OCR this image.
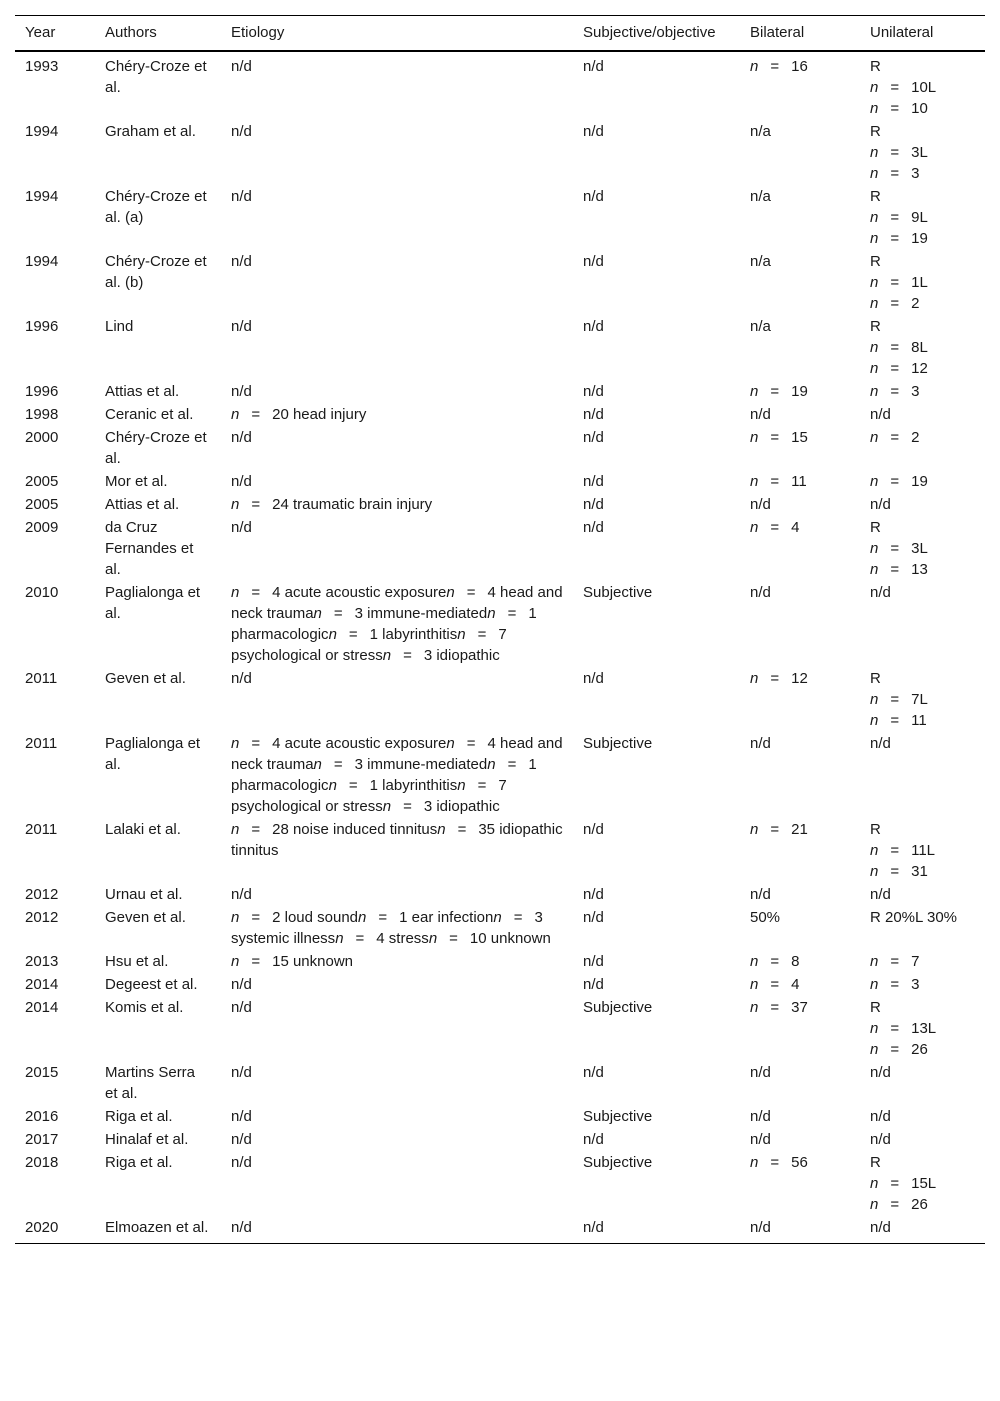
Year	Authors	Etiology	Subjective/objective	Bilateral	Unilateral
1993	Chéry-Croze et al.	n/d	n/d	n = 16	R
n = 10L
n = 10

1994	Graham et al.	n/d	n/d	n/a	R
n = 3L
n = 3

1994	Chéry-Croze et al. (a)	n/d	n/d	n/a	R
n = 9L
n = 19

1994	Chéry-Croze et al. (b)	n/d	n/d	n/a	R
n = 1L
n = 2

1996	Lind	n/d	n/d	n/a	R
n = 8L
n = 12

1996	Attias et al.	n/d	n/d	n = 19	n = 3

1998	Ceranic et al.	n = 20 head injury	n/d	n/d	n/d

2000	Chéry-Croze et al.	n/d	n/d	n = 15	n = 2

2005	Mor et al.	n/d	n/d	n = 11	n = 19

2005	Attias et al.	n = 24 traumatic brain injury	n/d	n/d	n/d

2009	da Cruz Fernandes et al.	n/d	n/d	n = 4	R
n = 3L
n = 13

2010	Paglialonga et al.	n = 4 acute acoustic exposuren = 4 head and neck trauman = 3 immune-mediatedn = 1 pharmacologicn = 1 labyrinthitisn = 7 psychological or stressn = 3 idiopathic	Subjective	n/d	n/d

2011	Geven et al.	n/d	n/d	n = 12	R
n = 7L
n = 11

2011	Paglialonga et al.	n = 4 acute acoustic exposuren = 4 head and neck trauman = 3 immune-mediatedn = 1 pharmacologicn = 1 labyrinthitisn = 7 psychological or stressn = 3 idiopathic	Subjective	n/d	n/d

2011	Lalaki et al.	n = 28 noise induced tinnitusn = 35 idiopathic tinnitus	n/d	n = 21	R
n = 11L
n = 31

2012	Urnau et al.	n/d	n/d	n/d	n/d

2012	Geven et al.	n = 2 loud soundn = 1 ear infectionn = 3 systemic illnessn = 4 stressn = 10 unknown	n/d	50%	R 20%L 30%

2013	Hsu et al.	n = 15 unknown	n/d	n = 8	n = 7

2014	Degeest et al.	n/d	n/d	n = 4	n = 3

2014	Komis et al.	n/d	Subjective	n = 37	R
n = 13L
n = 26

2015	Martins Serra et al.	n/d	n/d	n/d	n/d

2016	Riga et al.	n/d	Subjective	n/d	n/d

2017	Hinalaf et al.	n/d	n/d	n/d	n/d

2018	Riga et al.	n/d	Subjective	n = 56	R
n = 15L
n = 26

2020	Elmoazen et al.	n/d	n/d	n/d	n/d
